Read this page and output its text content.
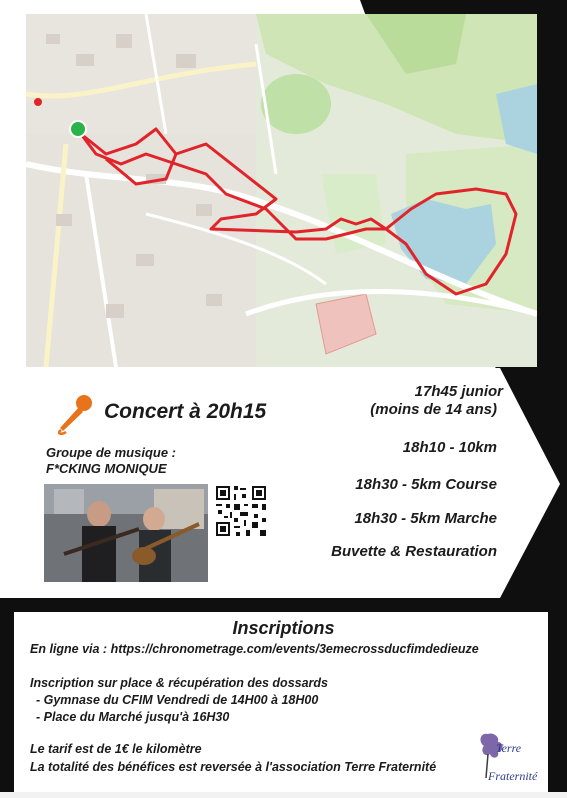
Concert à 20h15
Groupe de musique :
F*CKING MONIQUE
17h45 junior
(moins de 14 ans)
18h10 - 10km
18h30 - 5km Course
18h30 - 5km Marche
Buvette & Restauration
Inscriptions
En ligne via : https://chronometrage.com/events/3emecrossducfimdedieuze
Inscription sur place & récupération des dossards
- Gymnase du CFIM Vendredi de 14H00 à 18H00
- Place du Marché jusqu'à 16H30
Le tarif est de 1€ le kilomètre
La totalité des bénéfices est reversée à l'association Terre Fraternité
Terre
Fraternité
